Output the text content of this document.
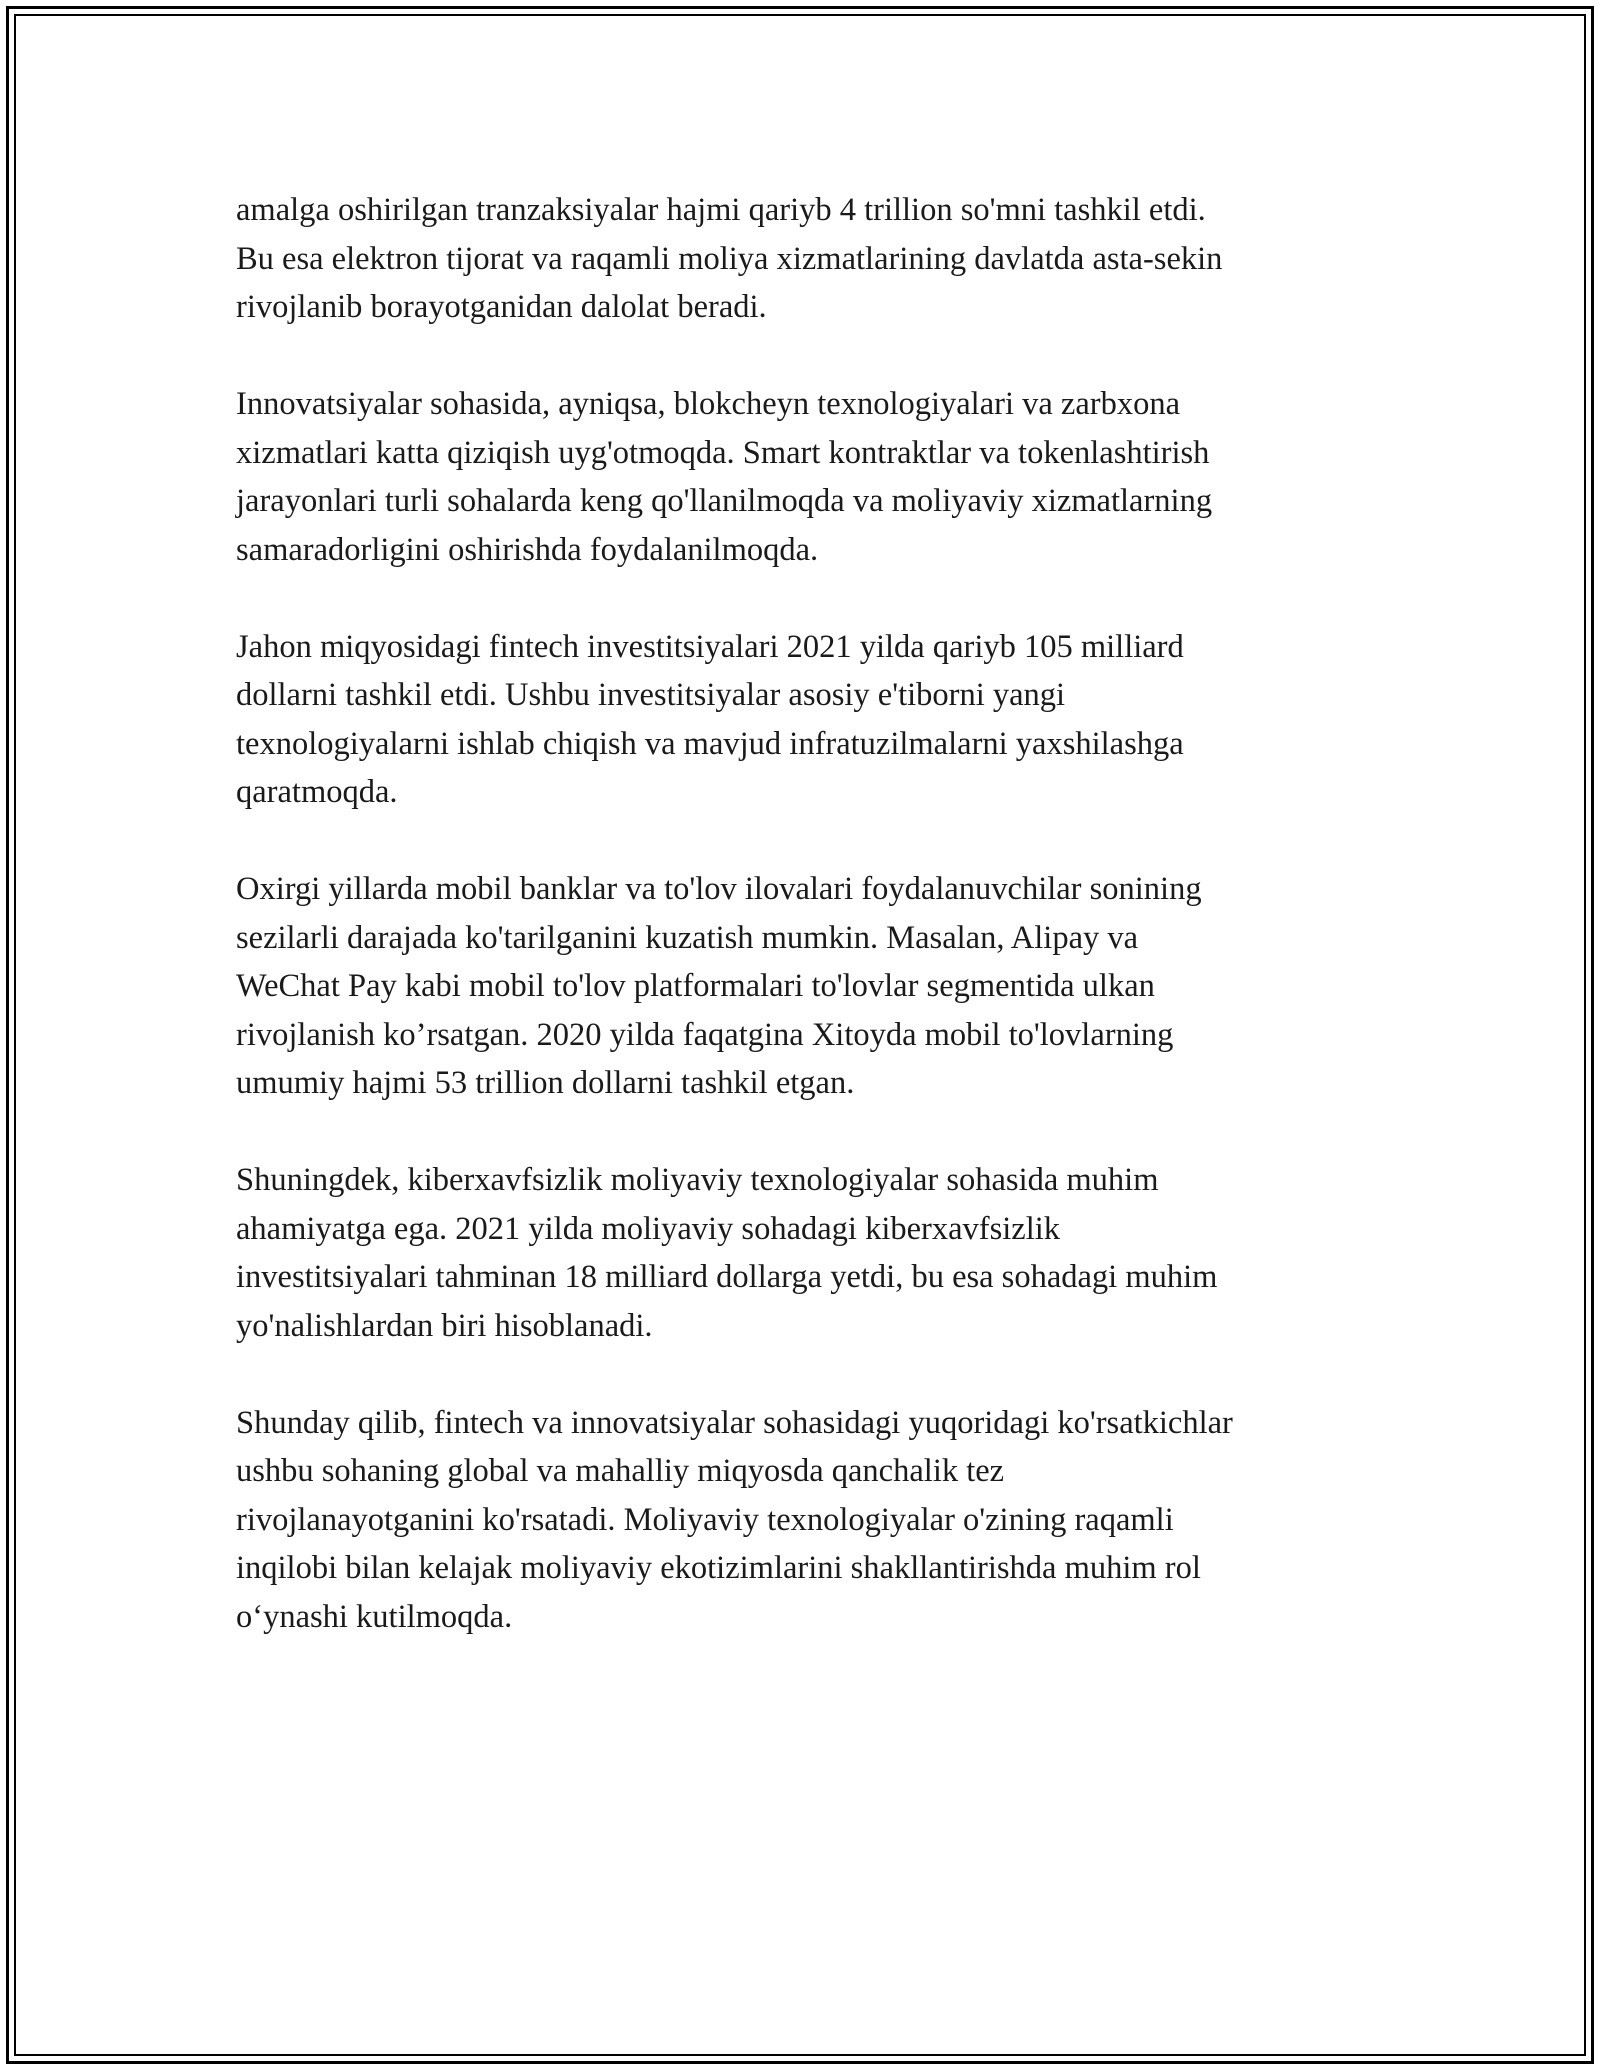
amalga oshirilgan tranzaksiyalar hajmi qariyb 4 trillion so'mni tashkil etdi.
Bu esa elektron tijorat va raqamli moliya xizmatlarining davlatda asta-sekin
rivojlanib borayotganidan dalolat beradi.

Innovatsiyalar sohasida, ayniqsa, blokcheyn texnologiyalari va zarbxona
xizmatlari katta qiziqish uyg'otmoqda. Smart kontraktlar va tokenlashtirish
jarayonlari turli sohalarda keng qo'llanilmoqda va moliyaviy xizmatlarning
samaradorligini oshirishda foydalanilmoqda.

Jahon miqyosidagi fintech investitsiyalari 2021 yilda qariyb 105 milliard
dollarni tashkil etdi. Ushbu investitsiyalar asosiy e'tiborni yangi
texnologiyalarni ishlab chiqish va mavjud infratuzilmalarni yaxshilashga
qaratmoqda.

Oxirgi yillarda mobil banklar va to'lov ilovalari foydalanuvchilar sonining
sezilarli darajada ko'tarilganini kuzatish mumkin. Masalan, Alipay va
WeChat Pay kabi mobil to'lov platformalari to'lovlar segmentida ulkan
rivojlanish ko’rsatgan. 2020 yilda faqatgina Xitoyda mobil to'lovlarning
umumiy hajmi 53 trillion dollarni tashkil etgan.

Shuningdek, kiberxavfsizlik moliyaviy texnologiyalar sohasida muhim
ahamiyatga ega. 2021 yilda moliyaviy sohadagi kiberxavfsizlik
investitsiyalari tahminan 18 milliard dollarga yetdi, bu esa sohadagi muhim
yo'nalishlardan biri hisoblanadi.

Shunday qilib, fintech va innovatsiyalar sohasidagi yuqoridagi ko'rsatkichlar
ushbu sohaning global va mahalliy miqyosda qanchalik tez
rivojlanayotganini ko'rsatadi. Moliyaviy texnologiyalar o'zining raqamli
inqilobi bilan kelajak moliyaviy ekotizimlarini shakllantirishda muhim rol
o‘ynashi kutilmoqda.
